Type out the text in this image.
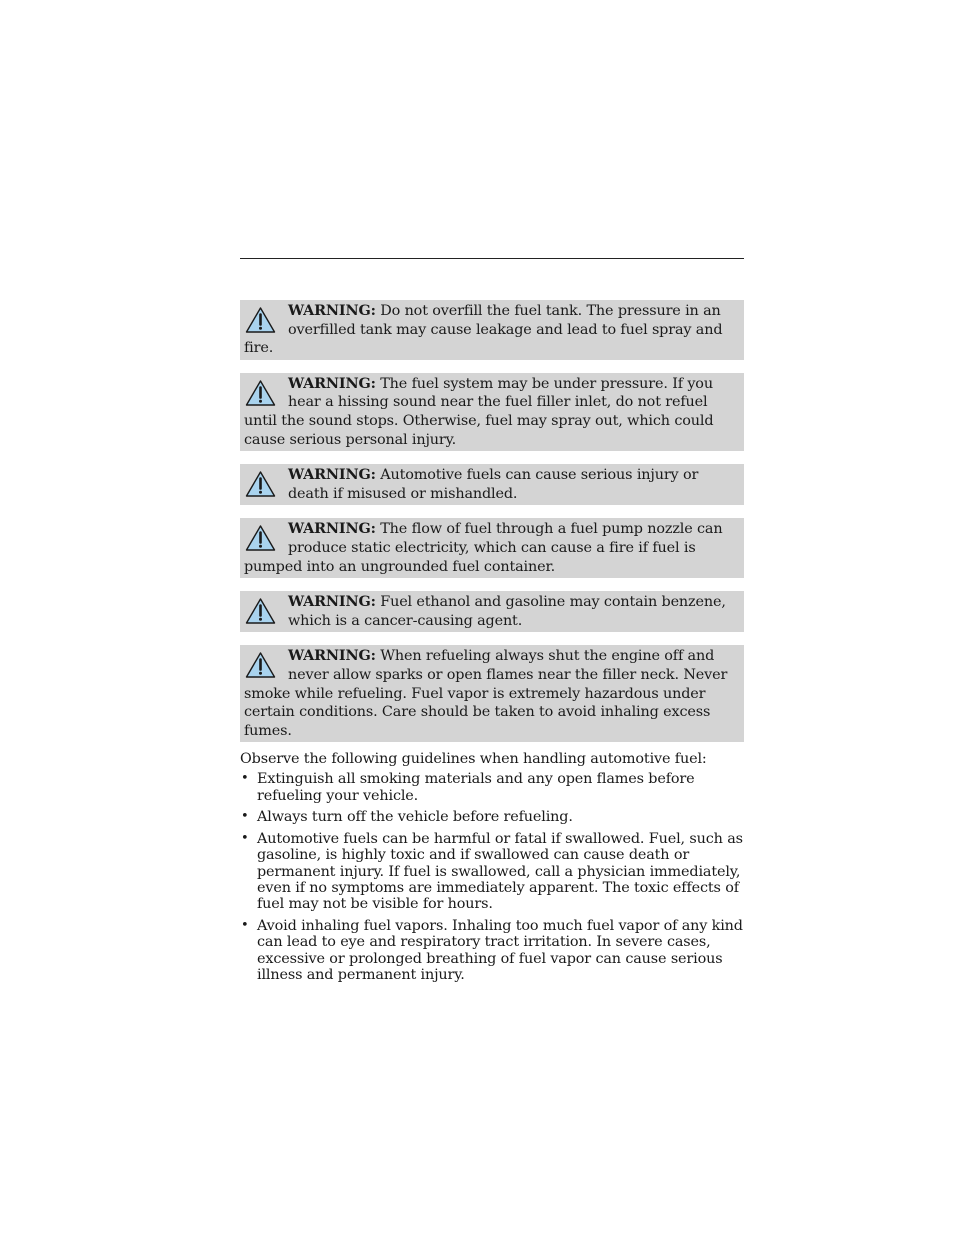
WARNING: Do not overfill the fuel tank. The pressure in an overfilled tank may cause leakage and lead to fuel spray and fire.

WARNING: The fuel system may be under pressure. If you hear a hissing sound near the fuel filler inlet, do not refuel until the sound stops. Otherwise, fuel may spray out, which could cause serious personal injury.

WARNING: Automotive fuels can cause serious injury or death if misused or mishandled.

WARNING: The flow of fuel through a fuel pump nozzle can produce static electricity, which can cause a fire if fuel is pumped into an ungrounded fuel container.

WARNING: Fuel ethanol and gasoline may contain benzene, which is a cancer-causing agent.

WARNING: When refueling always shut the engine off and never allow sparks or open flames near the filler neck. Never smoke while refueling. Fuel vapor is extremely hazardous under certain conditions. Care should be taken to avoid inhaling excess fumes.

Observe the following guidelines when handling automotive fuel:

• Extinguish all smoking materials and any open flames before refueling your vehicle.
• Always turn off the vehicle before refueling.
• Automotive fuels can be harmful or fatal if swallowed. Fuel, such as gasoline, is highly toxic and if swallowed can cause death or permanent injury. If fuel is swallowed, call a physician immediately, even if no symptoms are immediately apparent. The toxic effects of fuel may not be visible for hours.
• Avoid inhaling fuel vapors. Inhaling too much fuel vapor of any kind can lead to eye and respiratory tract irritation. In severe cases, excessive or prolonged breathing of fuel vapor can cause serious illness and permanent injury.
